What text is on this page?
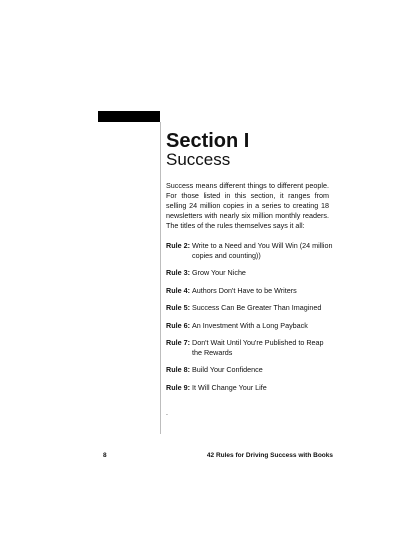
Section I
Success
Success means different things to different people. For those listed in this section, it ranges from selling 24 million copies in a series to creating 18 newsletters with nearly six million monthly readers. The titles of the rules themselves says it all:
Rule 2: Write to a Need and You Will Win (24 million copies and counting))
Rule 3: Grow Your Niche
Rule 4: Authors Don't Have to be Writers
Rule 5: Success Can Be Greater Than Imagined
Rule 6: An Investment With a Long Payback
Rule 7: Don't Wait Until You're Published to Reap the Rewards
Rule 8: Build Your Confidence
Rule 9: It Will Change Your Life
.
8	42 Rules for Driving Success with Books
